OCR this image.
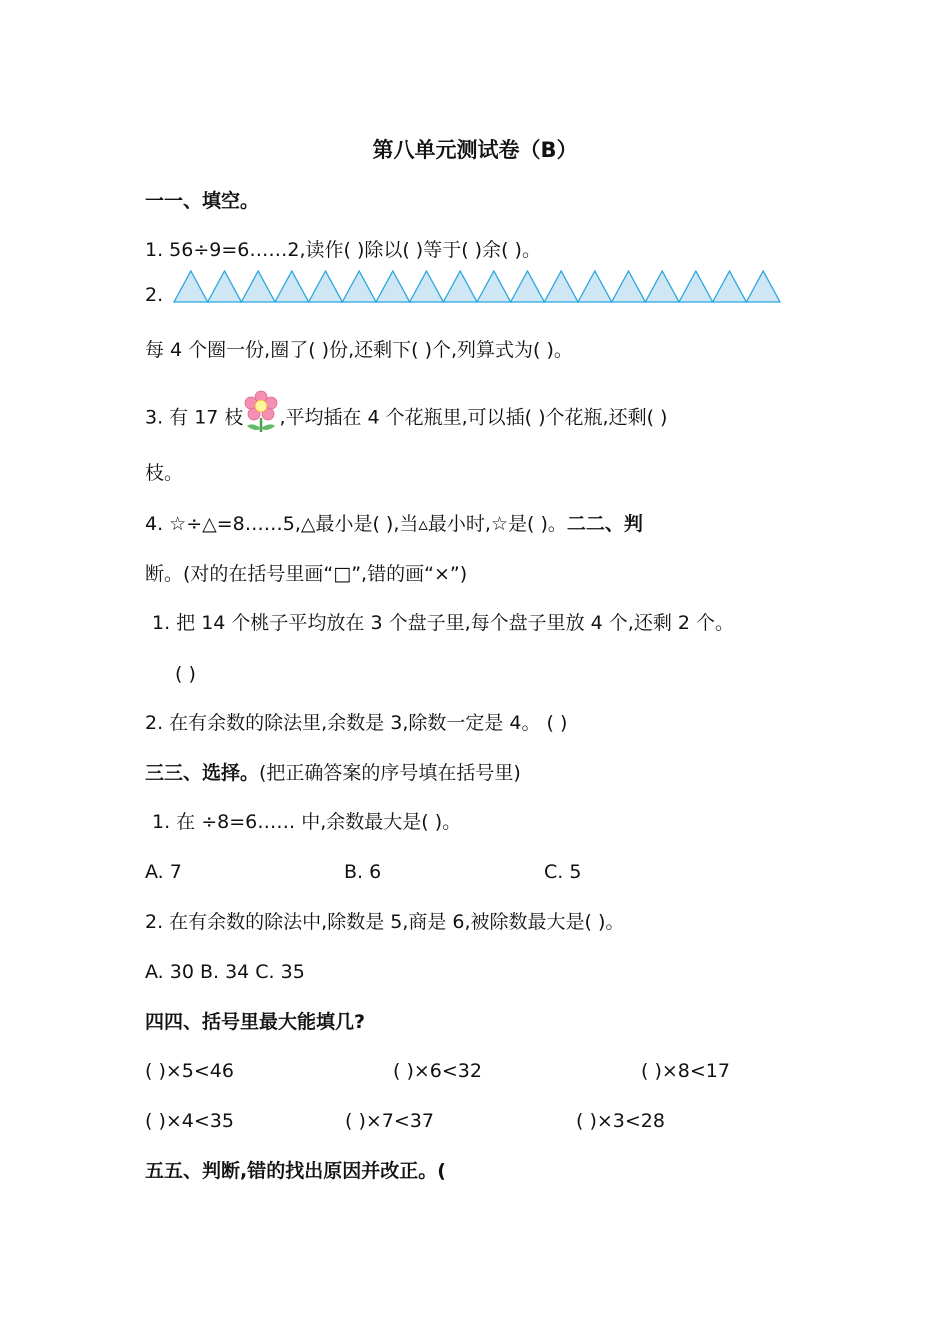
第八单元测试卷（B）
一一、填空。
1. 56÷9=6……2,读作( )除以( )等于( )余( )。
2.
每 4 个圈一份,圈了( )份,还剩下( )个,列算式为( )。
3. 有 17 枝 ,平均插在 4 个花瓶里,可以插( )个花瓶,还剩( )
枝。
4. ☆÷△=8……5,△最小是( ),当▵最小时,☆是( )。二二、判
断。(对的在括号里画“□”,错的画“×”)
1. 把 14 个桃子平均放在 3 个盘子里,每个盘子里放 4 个,还剩 2 个。
( )
2. 在有余数的除法里,余数是 3,除数一定是 4。 ( )
三三、选择。(把正确答案的序号填在括号里)
1. 在 ÷8=6…… 中,余数最大是( )。
A. 7	B. 6	C. 5
2. 在有余数的除法中,除数是 5,商是 6,被除数最大是( )。
A. 30 B. 34 C. 35
四四、括号里最大能填几?
( )×5<46	( )×6<32	( )×8<17
( )×4<35	( )×7<37	( )×3<28
五五、判断,错的找出原因并改正。(
